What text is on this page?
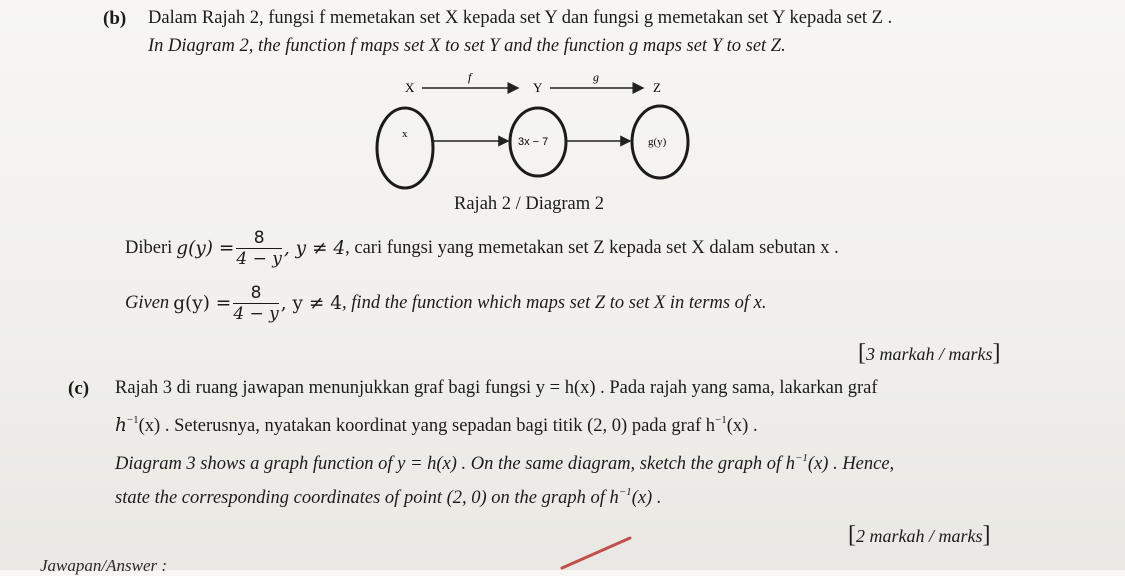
(b) Dalam Rajah 2, fungsi f memetakan set X kepada set Y dan fungsi g memetakan set Y kepada set Z .
In Diagram 2, the function f maps set X to set Y and the function g maps set Y to set Z.
X
f
Y
g
Z
x
3x − 7	g(y)
Rajah 2 / Diagram 2
Diberi $g(y) = \frac{8}{4 - y}$ , y ≠ 4 , cari fungsi yang memetakan set Z kepada set X dalam sebutan x .
Given $g(y) = \frac{8}{4 - y}$ , y ≠ 4 , find the function which maps set Z to set X in terms of x.
[3 markah / marks]
(c) Rajah 3 di ruang jawapan menunjukkan graf bagi fungsi y = h(x) . Pada rajah yang sama, lakarkan graf
$h^{-1}(x)$ . Seterusnya, nyatakan koordinat yang sepadan bagi titik (2, 0) pada graf $h^{-1}(x)$ .
Diagram 3 shows a graph function of y = h(x) . On the same diagram, sketch the graph of $h^{-1}(x)$ . Hence,
state the corresponding coordinates of point (2, 0) on the graph of $h^{-1}(x)$ .
[2 markah / marks]
Jawapan/Answer :
